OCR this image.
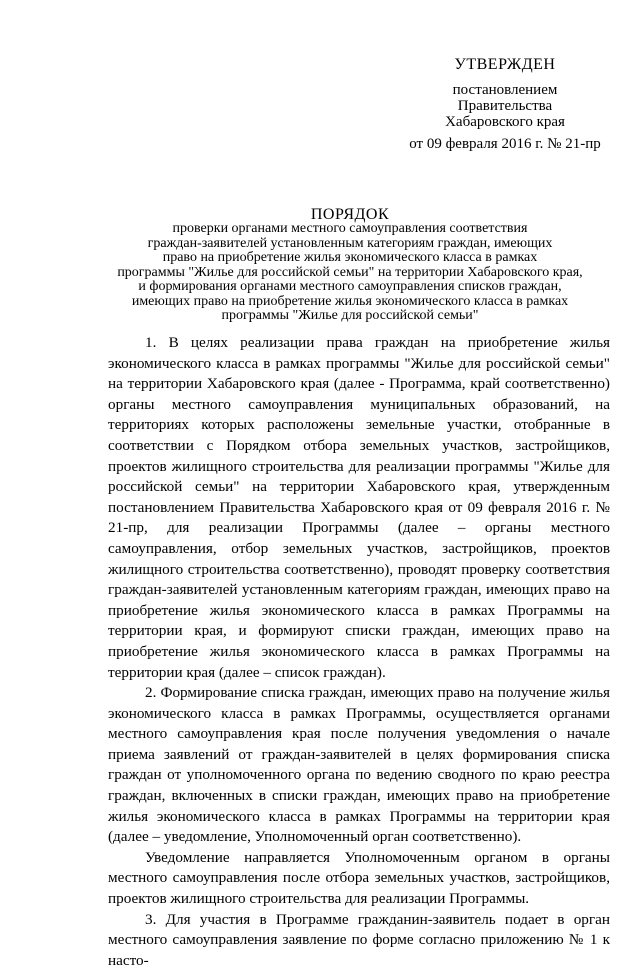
УТВЕРЖДЕН
постановлением
Правительства
Хабаровского края
от 09 февраля 2016 г. № 21-пр
ПОРЯДОК
проверки органами местного самоуправления соответствия
граждан-заявителей установленным категориям граждан, имеющих
право на приобретение жилья экономического класса в рамках
программы "Жилье для российской семьи" на территории Хабаровского края,
и формирования органами местного самоуправления списков граждан,
имеющих право на приобретение жилья экономического класса в рамках
программы "Жилье для российской семьи"

1. В целях реализации права граждан на приобретение жилья экономического класса в рамках программы "Жилье для российской семьи" на территории Хабаровского края (далее - Программа, край соответственно) органы местного самоуправления муниципальных образований, на территориях которых расположены земельные участки, отобранные в соответствии с Порядком отбора земельных участков, застройщиков, проектов жилищного строительства для реализации программы "Жилье для российской семьи" на территории Хабаровского края, утвержденным постановлением Правительства Хабаровского края от 09 февраля 2016 г. № 21-пр, для реализации Программы (далее – органы местного самоуправления, отбор земельных участков, застройщиков, проектов жилищного строительства соответственно), проводят проверку соответствия граждан-заявителей установленным категориям граждан, имеющих право на приобретение жилья экономического класса в рамках Программы на территории края, и формируют списки граждан, имеющих право на приобретение жилья экономического класса в рамках Программы на территории края (далее – список граждан).

2. Формирование списка граждан, имеющих право на получение жилья экономического класса в рамках Программы, осуществляется органами местного самоуправления края после получения уведомления о начале приема заявлений от граждан-заявителей в целях формирования списка граждан от уполномоченного органа по ведению сводного по краю реестра граждан, включенных в списки граждан, имеющих право на приобретение жилья экономического класса в рамках Программы на территории края (далее – уведомление, Уполномоченный орган соответственно).

Уведомление направляется Уполномоченным органом в органы местного самоуправления после отбора земельных участков, застройщиков, проектов жилищного строительства для реализации Программы.

3. Для участия в Программе гражданин-заявитель подает в орган местного самоуправления заявление по форме согласно приложению № 1 к насто-
